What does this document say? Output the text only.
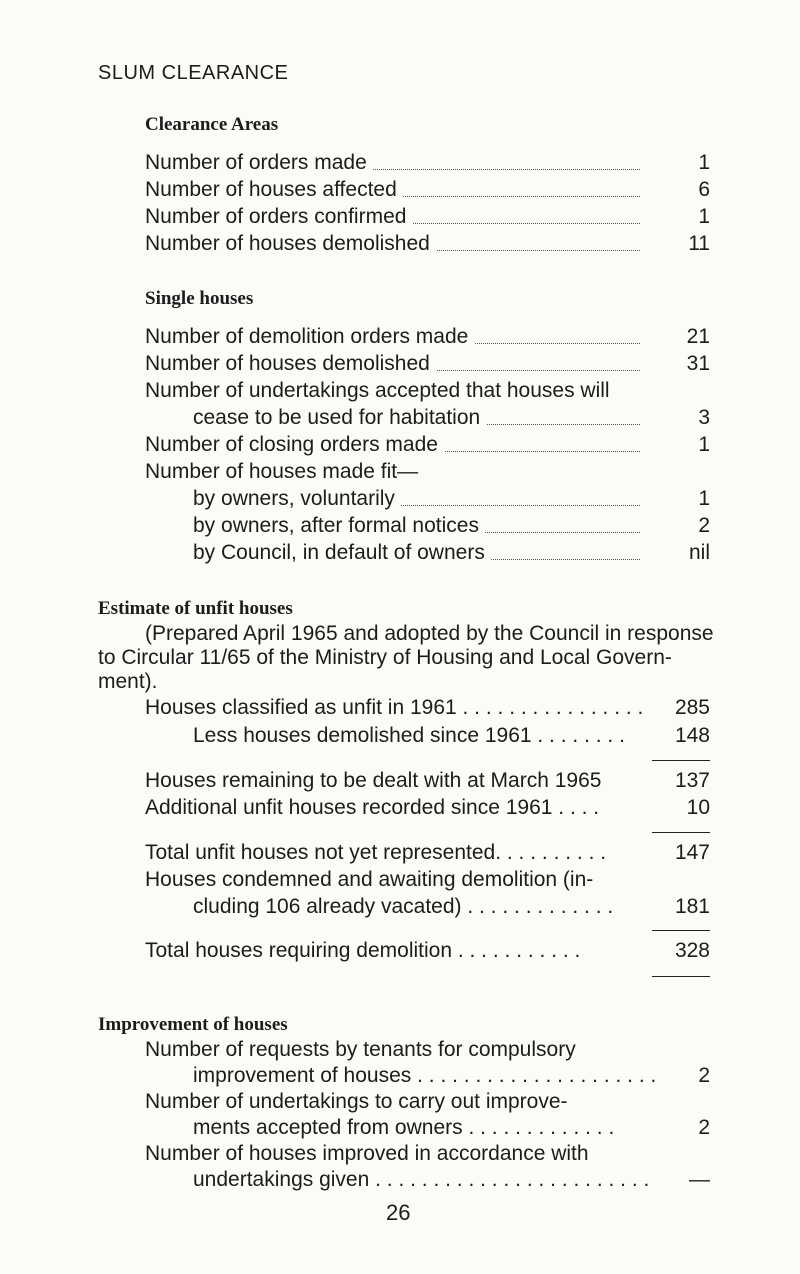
SLUM CLEARANCE
Clearance Areas
Number of orders made	1
Number of houses affected	6
Number of orders confirmed	1
Number of houses demolished	11
Single houses
Number of demolition orders made	21
Number of houses demolished	31
Number of undertakings accepted that houses will
cease to be used for habitation	3
Number of closing orders made	1
Number of houses made fit—
by owners, voluntarily	1
by owners, after formal notices	2
by Council, in default of owners	nil
Estimate of unfit houses
(Prepared April 1965 and adopted by the Council in response
to Circular 11/65 of the Ministry of Housing and Local Govern-
ment).
Houses classified as unfit in 1961 . . . . . . . . . . . . . . . .	285
Less houses demolished since 1961 . . . . . . . .	148
Houses remaining to be dealt with at March 1965	137
Additional unfit houses recorded since 1961 . . . .	10
Total unfit houses not yet represented. . . . . . . . . .	147
Houses condemned and awaiting demolition (in-
cluding 106 already vacated) . . . . . . . . . . . . .	181
Total houses requiring demolition . . . . . . . . . . .	328
Improvement of houses
Number of requests by tenants for compulsory
improvement of houses . . . . . . . . . . . . . . . . . . . . .	2
Number of undertakings to carry out improve-
ments accepted from owners . . . . . . . . . . . . .	2
Number of houses improved in accordance with
undertakings given . . . . . . . . . . . . . . . . . . . . . . . .	—
26
